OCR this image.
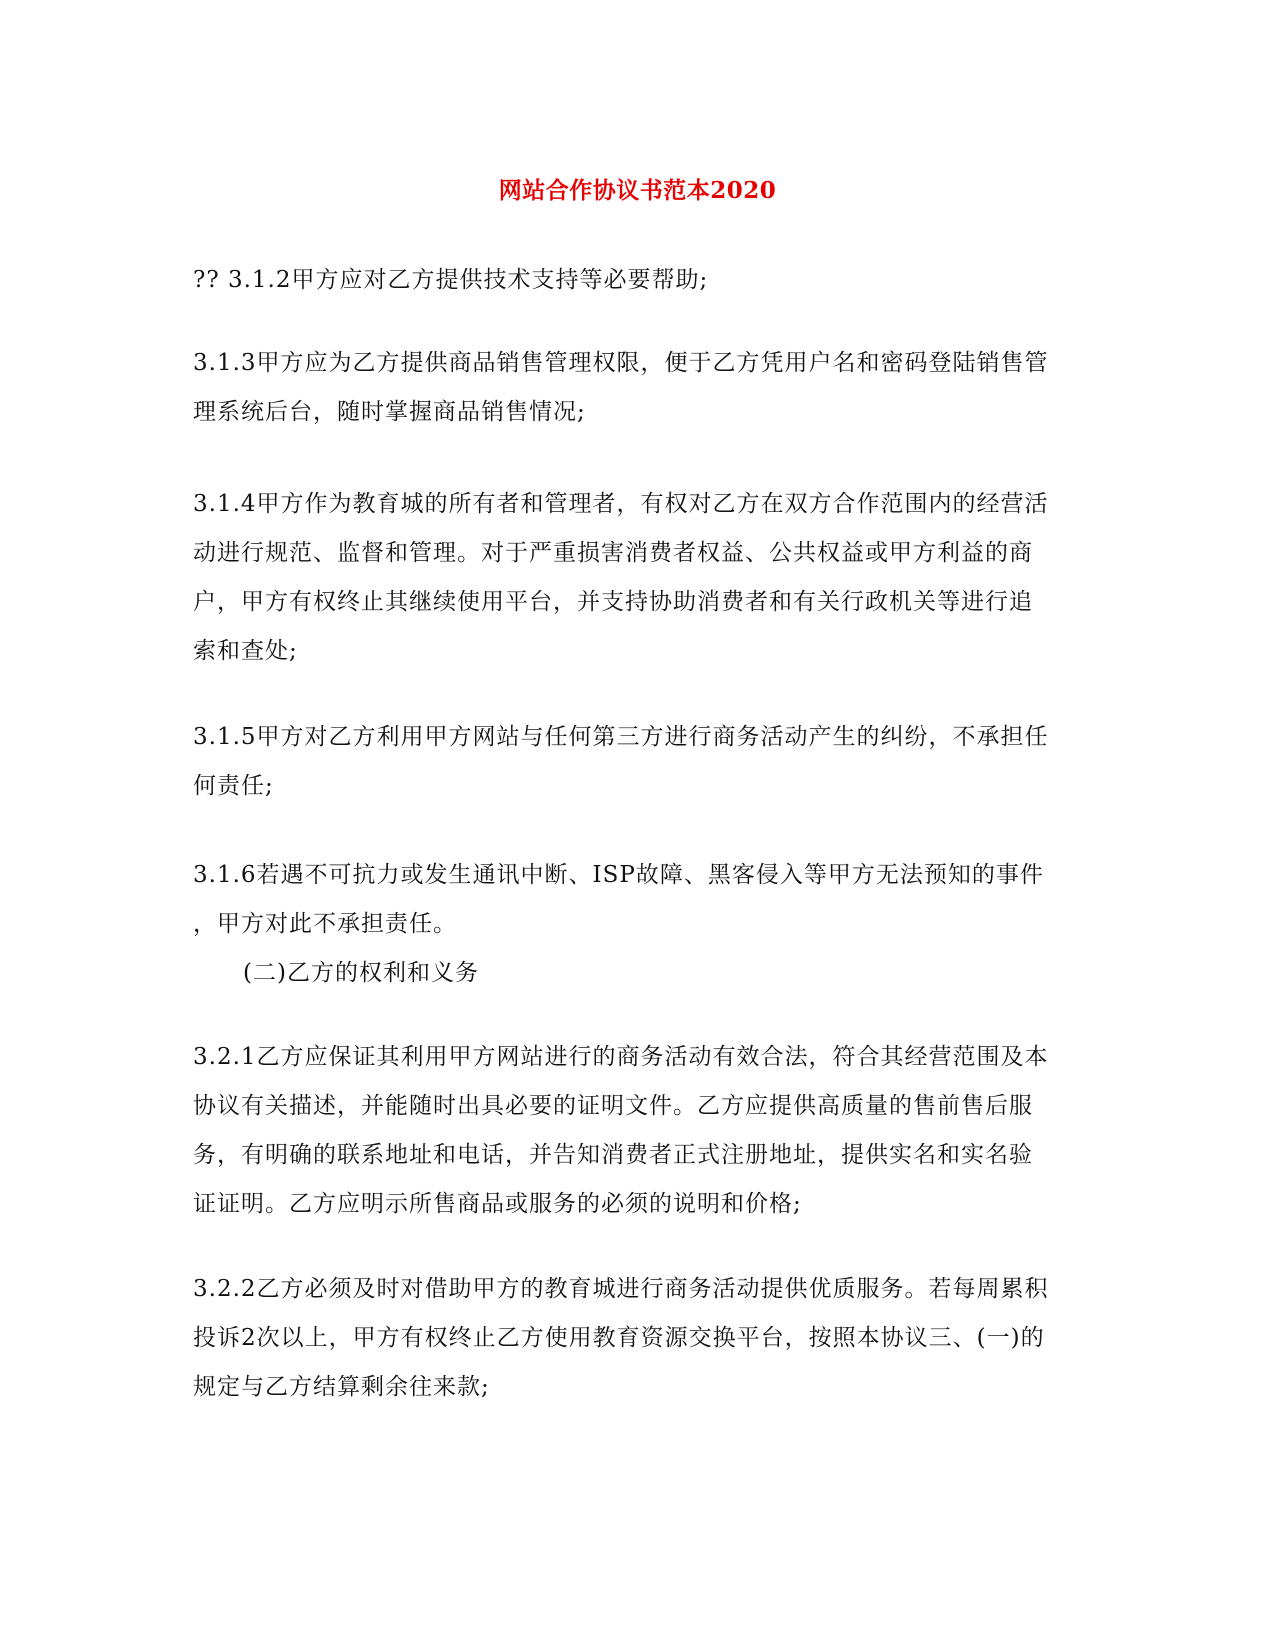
网站合作协议书范本2020
?? 3.1.2甲方应对乙方提供技术支持等必要帮助;
3.1.3甲方应为乙方提供商品销售管理权限，便于乙方凭用户名和密码登陆销售管
理系统后台，随时掌握商品销售情况;
3.1.4甲方作为教育城的所有者和管理者，有权对乙方在双方合作范围内的经营活
动进行规范、监督和管理。对于严重损害消费者权益、公共权益或甲方利益的商
户，甲方有权终止其继续使用平台，并支持协助消费者和有关行政机关等进行追
索和查处;
3.1.5甲方对乙方利用甲方网站与任何第三方进行商务活动产生的纠纷，不承担任
何责任;
3.1.6若遇不可抗力或发生通讯中断、ISP故障、黑客侵入等甲方无法预知的事件
，甲方对此不承担责任。
(二)乙方的权利和义务
3.2.1乙方应保证其利用甲方网站进行的商务活动有效合法，符合其经营范围及本
协议有关描述，并能随时出具必要的证明文件。乙方应提供高质量的售前售后服
务，有明确的联系地址和电话，并告知消费者正式注册地址，提供实名和实名验
证证明。乙方应明示所售商品或服务的必须的说明和价格;
3.2.2乙方必须及时对借助甲方的教育城进行商务活动提供优质服务。若每周累积
投诉2次以上，甲方有权终止乙方使用教育资源交换平台，按照本协议三、(一)的
规定与乙方结算剩余往来款;
